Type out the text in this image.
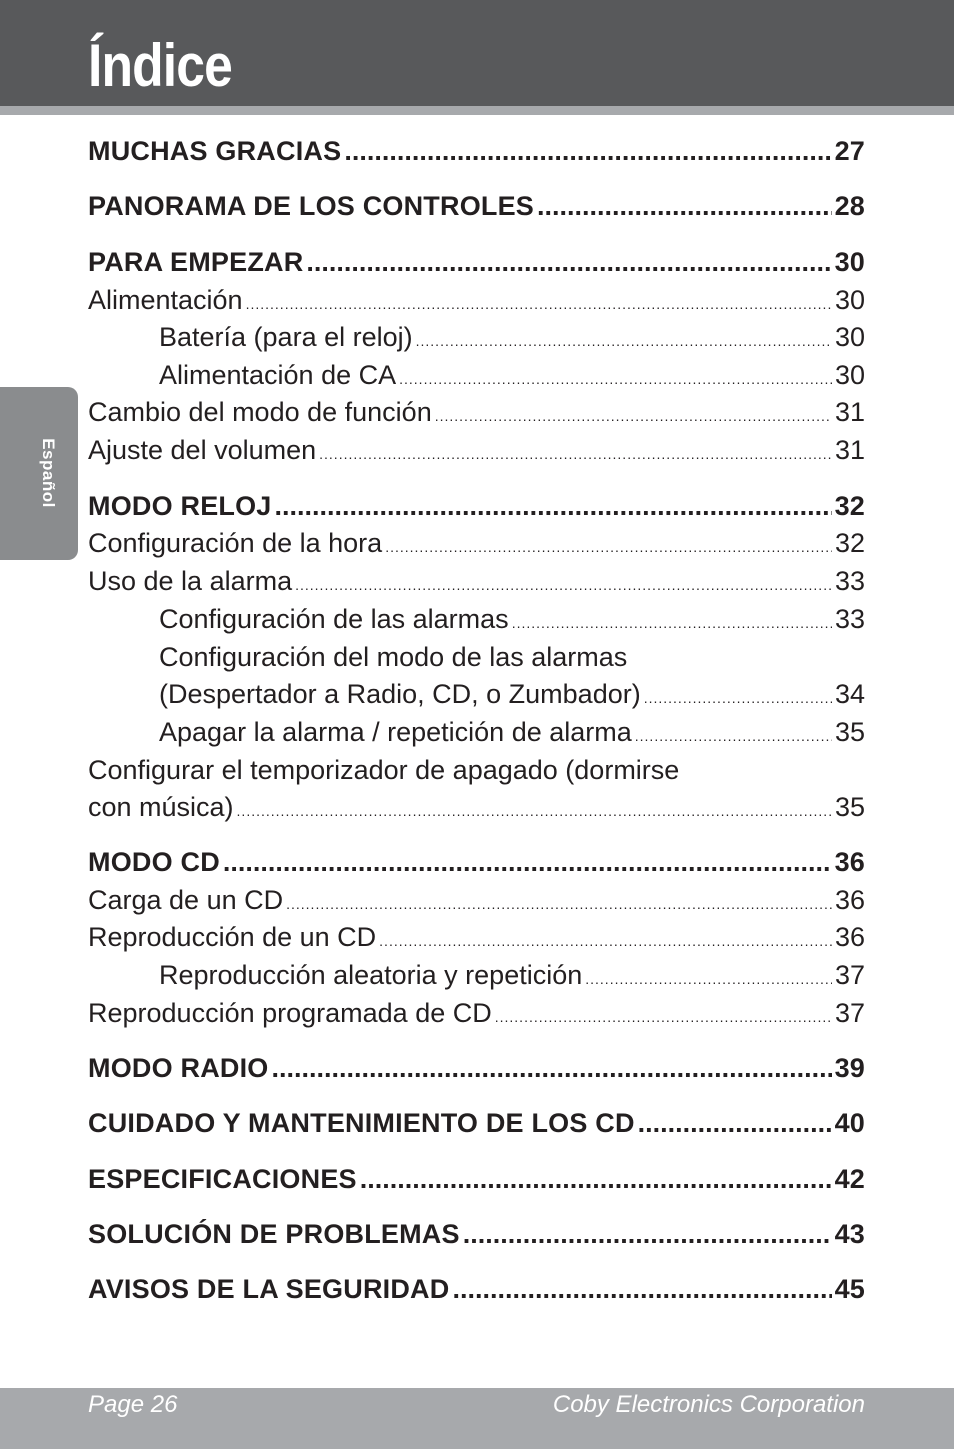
Índice
Español
MUCHAS GRACIAS .....	27
PANORAMA DE LOS CONTROLES .....	28
PARA EMPEZAR .....	30
Alimentación .....	30
Batería (para el reloj) .....	30
Alimentación de CA .....	30
Cambio del modo de función .....	31
Ajuste del volumen .....	31
MODO RELOJ .....	32
Configuración de la hora .....	32
Uso de la alarma .....	33
Configuración de las alarmas .....	33
Configuración del modo de las alarmas
(Despertador a Radio, CD, o Zumbador) .....	34
Apagar la alarma / repetición de alarma .....	35
Configurar el temporizador de apagado (dormirse
con música) .....	35
MODO CD .....	36
Carga de un CD .....	36
Reproducción de un CD .....	36
Reproducción aleatoria y repetición .....	37
Reproducción programada de CD .....	37
MODO RADIO .....	39
CUIDADO Y MANTENIMIENTO DE LOS CD .....	40
ESPECIFICACIONES .....	42
SOLUCIÓN DE PROBLEMAS .....	43
AVISOS DE LA SEGURIDAD .....	45
Page 26	Coby Electronics Corporation
